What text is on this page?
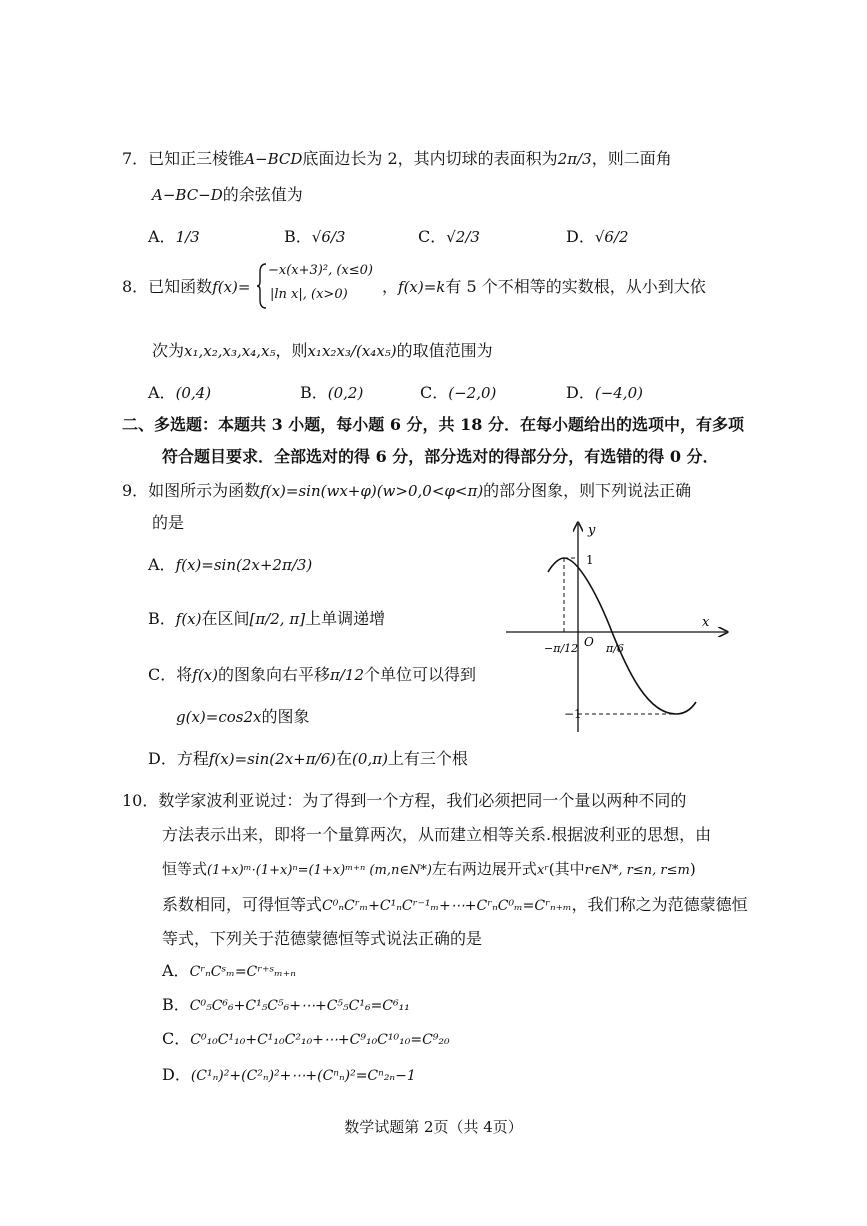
7．已知正三棱锥A−BCD底面边长为 2，其内切球的表面积为2π/3，则二面角
A−BC−D的余弦值为
A．1/3	B．√6/3	C．√2/3	D．√6/2
8．已知函数f(x)=
−x(x+3)², (x≤0)
|ln x|, (x>0) ，f(x)=k有 5 个不相等的实数根，从小到大依
次为x₁,x₂,x₃,x₄,x₅，则x₁x₂x₃/(x₄x₅)的取值范围为
A．(0,4)	B．(0,2)	C．(−2,0)	D．(−4,0)
二、多选题：本题共 3 小题，每小题 6 分，共 18 分．在每小题给出的选项中，有多项
符合题目要求．全部选对的得 6 分，部分选对的得部分分，有选错的得 0 分．
9．如图所示为函数f(x)=sin(wx+φ)(w>0,0<φ<π)的部分图象，则下列说法正确
的是
A．f(x)=sin(2x+2π/3)
B．f(x)在区间[π/2, π]上单调递增
C．将f(x)的图象向右平移π/12个单位可以得到
g(x)=cos2x的图象
D．方程f(x)=sin(2x+π/6)在(0,π)上有三个根
y
x
O
1
−1
−π/12	π/6
10．数学家波利亚说过：为了得到一个方程，我们必须把同一个量以两种不同的
方法表示出来，即将一个量算两次，从而建立相等关系.根据波利亚的思想，由
恒等式(1+x)ᵐ·(1+x)ⁿ=(1+x)ᵐ⁺ⁿ (m,n∈N*)左右两边展开式xʳ(其中r∈N*, r≤n, r≤m)
系数相同，可得恒等式C⁰ₙCʳₘ+C¹ₙCʳ⁻¹ₘ+⋯+CʳₙC⁰ₘ=Cʳₙ₊ₘ，我们称之为范德蒙德恒
等式，下列关于范德蒙德恒等式说法正确的是
A．CʳₙCˢₘ=Cʳ⁺ˢₘ₊ₙ
B．C⁰₅C⁶₆+C¹₅C⁵₆+⋯+C⁵₅C¹₆=C⁶₁₁
C．C⁰₁₀C¹₁₀+C¹₁₀C²₁₀+⋯+C⁹₁₀C¹⁰₁₀=C⁹₂₀
D．(C¹ₙ)²+(C²ₙ)²+⋯+(Cⁿₙ)²=Cⁿ₂ₙ−1
数学试题第 2页（共 4页）
